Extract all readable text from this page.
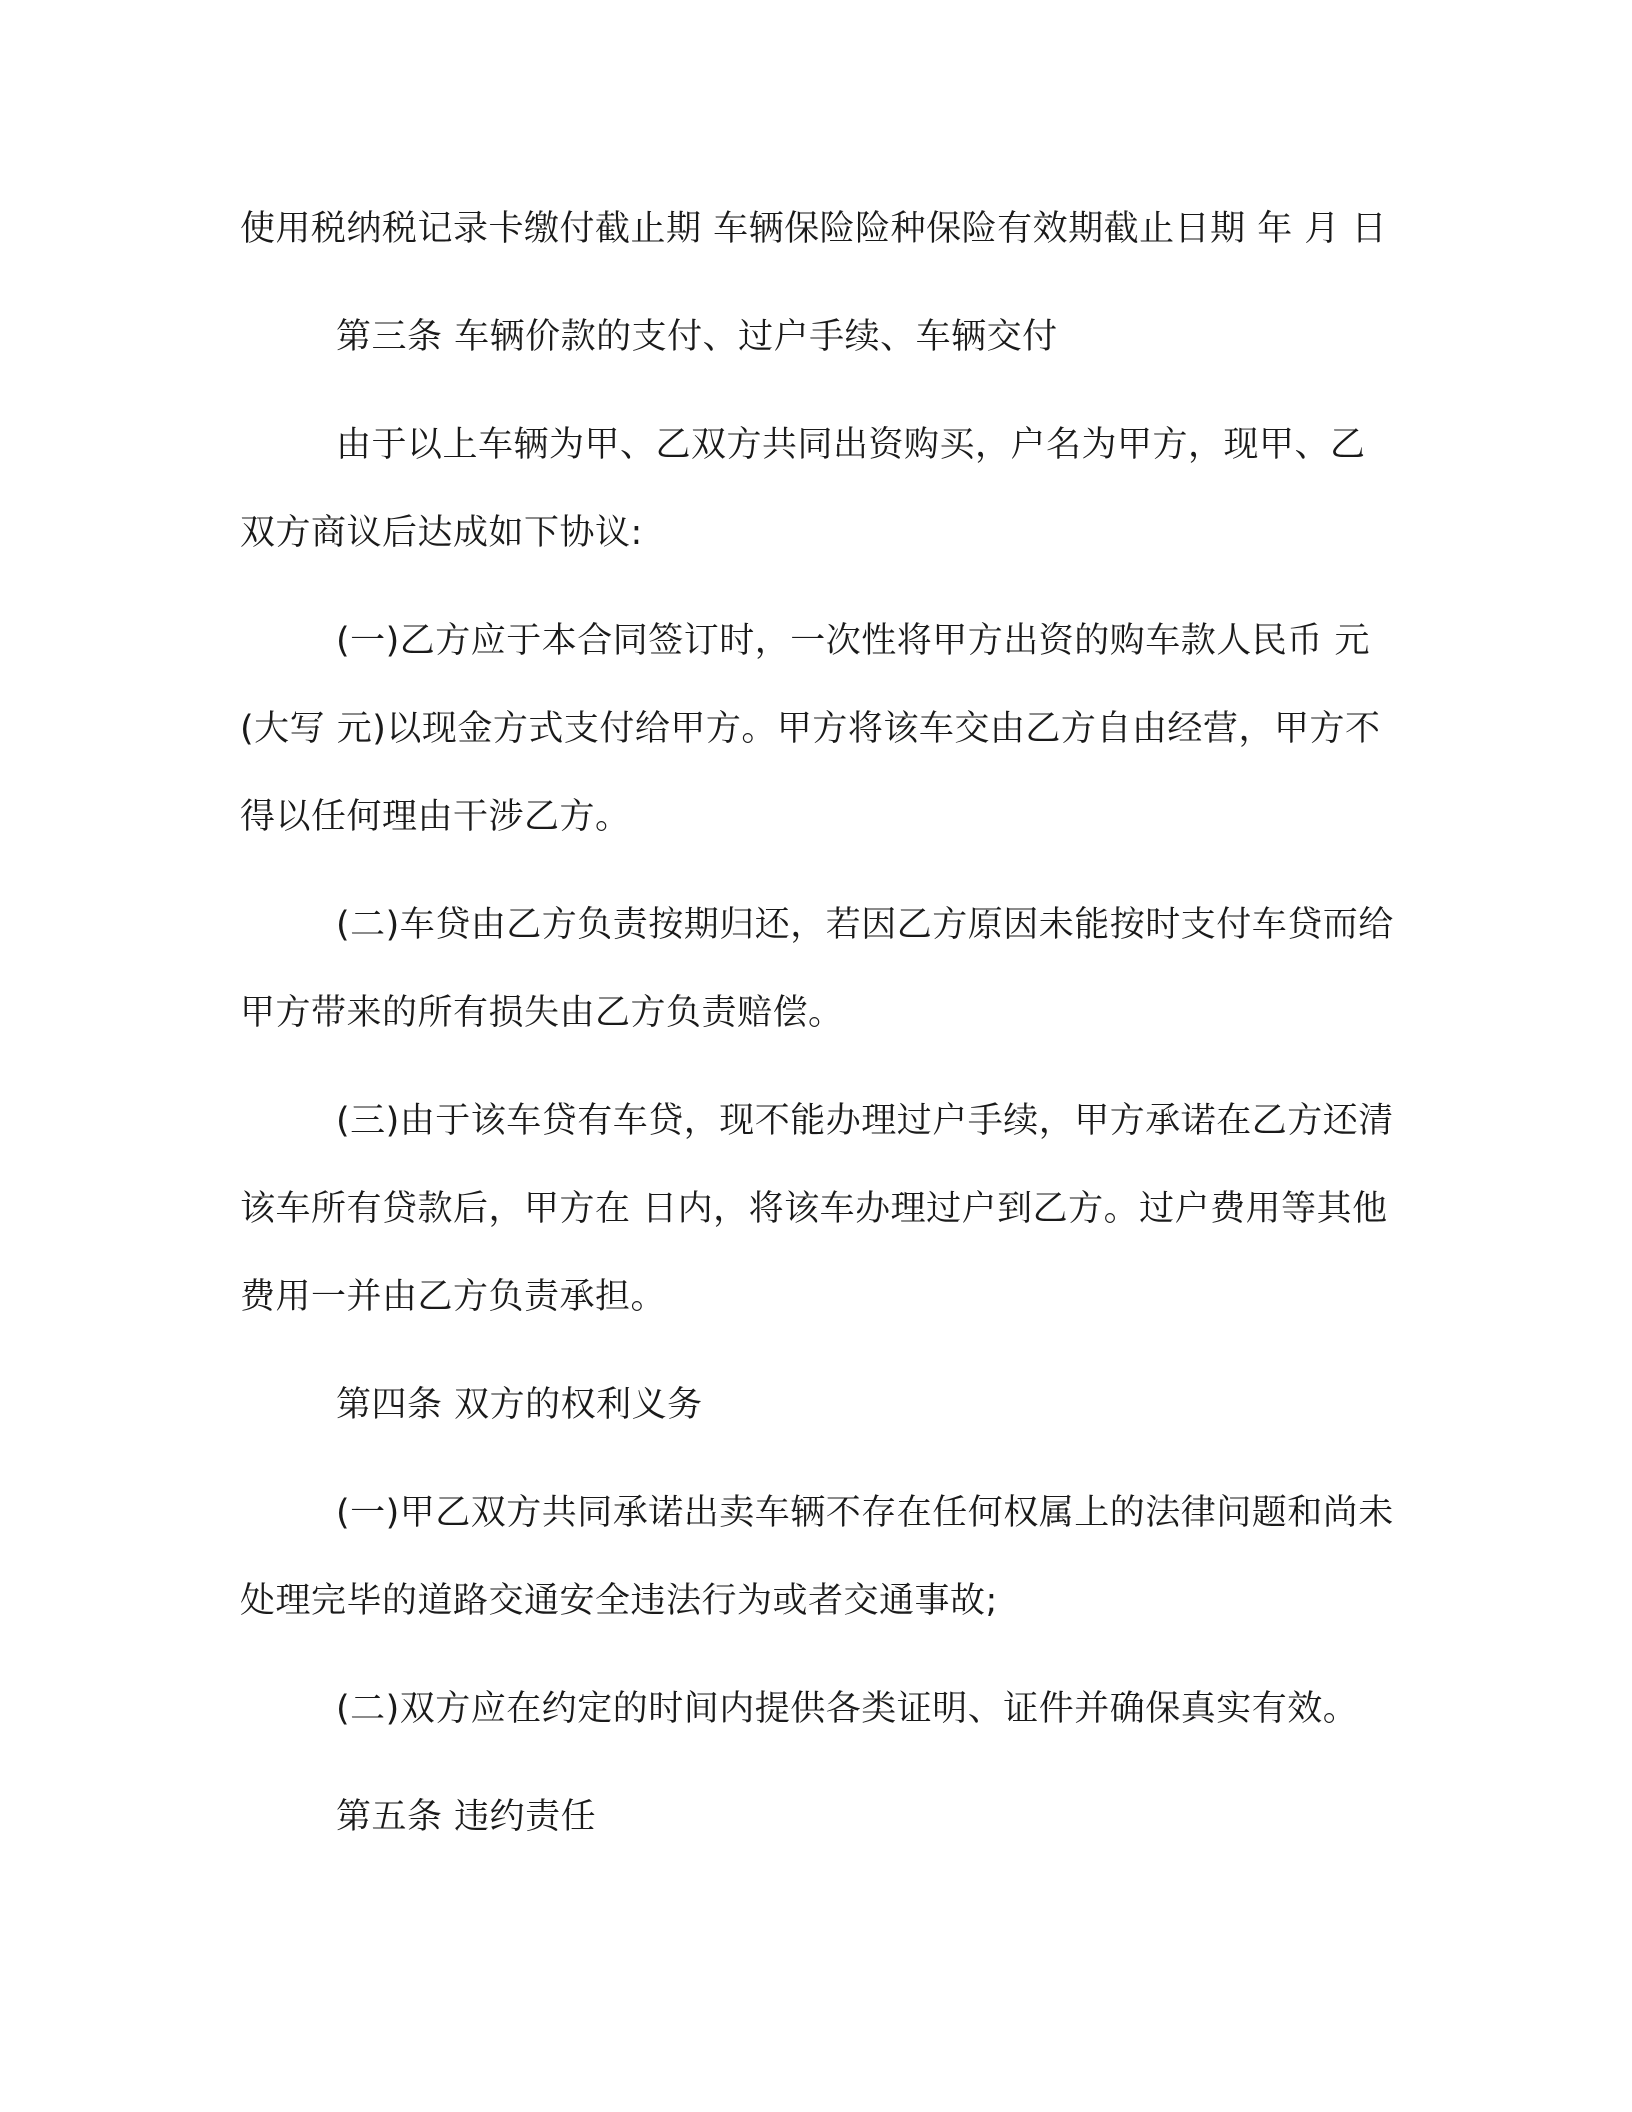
使用税纳税记录卡缴付截止期 车辆保险险种保险有效期截止日期 年 月 日

第三条 车辆价款的支付、过户手续、车辆交付

由于以上车辆为甲、乙双方共同出资购买，户名为甲方，现甲、乙双方商议后达成如下协议:

(一)乙方应于本合同签订时，一次性将甲方出资的购车款人民币 元(大写 元)以现金方式支付给甲方。甲方将该车交由乙方自由经营，甲方不得以任何理由干涉乙方。

(二)车贷由乙方负责按期归还，若因乙方原因未能按时支付车贷而给甲方带来的所有损失由乙方负责赔偿。

(三)由于该车贷有车贷，现不能办理过户手续，甲方承诺在乙方还清该车所有贷款后，甲方在 日内，将该车办理过户到乙方。过户费用等其他费用一并由乙方负责承担。

第四条 双方的权利义务

(一)甲乙双方共同承诺出卖车辆不存在任何权属上的法律问题和尚未处理完毕的道路交通安全违法行为或者交通事故;

(二)双方应在约定的时间内提供各类证明、证件并确保真实有效。

第五条 违约责任
